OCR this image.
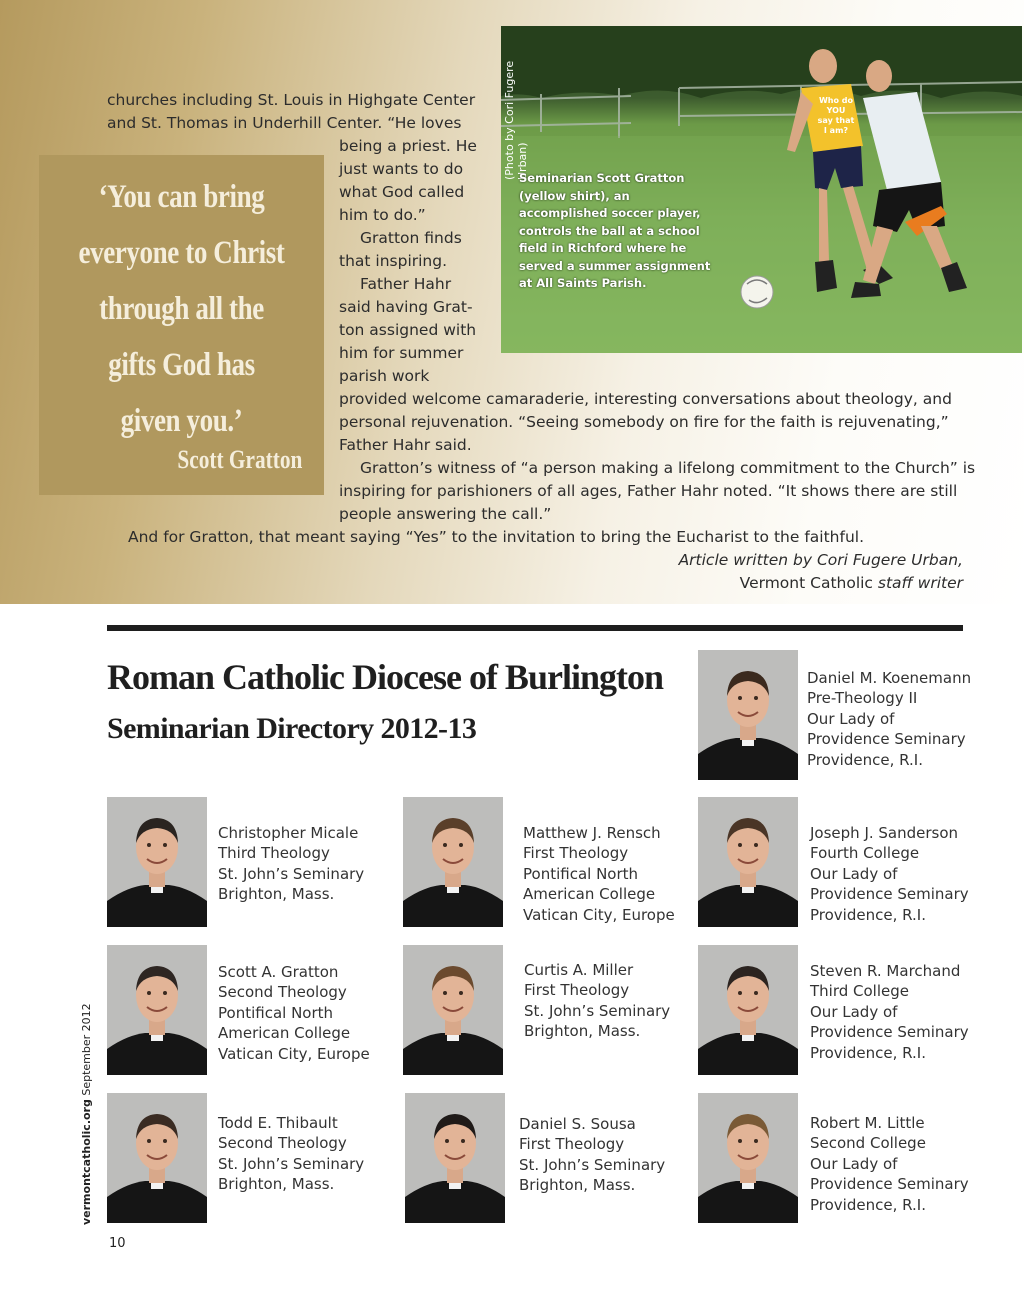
Who do
YOU
say that
I am?
(Photo by Cori Fugere Urban)
Seminarian Scott Gratton (yellow shirt), an accomplished soccer player, controls the ball at a school field in Richford where he served a summer assignment at All Saints Parish.
‘You can bring
everyone to Christ
through all the
gifts God has
given you.’
Scott Gratton
churches including St. Louis in Highgate Center
and St. Thomas in Underhill Center. “He loves
being a priest. He
just wants to do
what God called
him to do.”
Gratton finds
that inspiring.
Father Hahr
said having Grat-
ton assigned with
him for summer
parish work
provided welcome camaraderie, interesting conversations about theology, and
personal rejuvenation. “Seeing somebody on fire for the faith is rejuvenating,”
Father Hahr said.
Gratton’s witness of “a person making a lifelong commitment to the Church” is
inspiring for parishioners of all ages, Father Hahr noted. “It shows there are still
people answering the call.”
And for Gratton, that meant saying “Yes” to the invitation to bring the Eucharist to the faithful.
Article written by Cori Fugere Urban,
Vermont Catholic staff writer
Roman Catholic Diocese of Burlington
Seminarian Directory 2012-13
Daniel M. Koenemann
Pre-Theology II
Our Lady of
Providence Seminary
Providence, R.I.
Christopher Micale
Third Theology
St. John’s Seminary
Brighton, Mass.
Matthew J. Rensch
First Theology
Pontifical North
American College
Vatican City, Europe
Joseph J. Sanderson
Fourth College
Our Lady of
Providence Seminary
Providence, R.I.
Scott A. Gratton
Second Theology
Pontifical North
American College
Vatican City, Europe
Curtis A. Miller
First Theology
St. John’s Seminary
Brighton, Mass.
Steven R. Marchand
Third College
Our Lady of
Providence Seminary
Providence, R.I.
Todd E. Thibault
Second Theology
St. John’s Seminary
Brighton, Mass.
Daniel S. Sousa
First Theology
St. John’s Seminary
Brighton, Mass.
Robert M. Little
Second College
Our Lady of
Providence Seminary
Providence, R.I.
vermontcatholic.org September 2012
10
